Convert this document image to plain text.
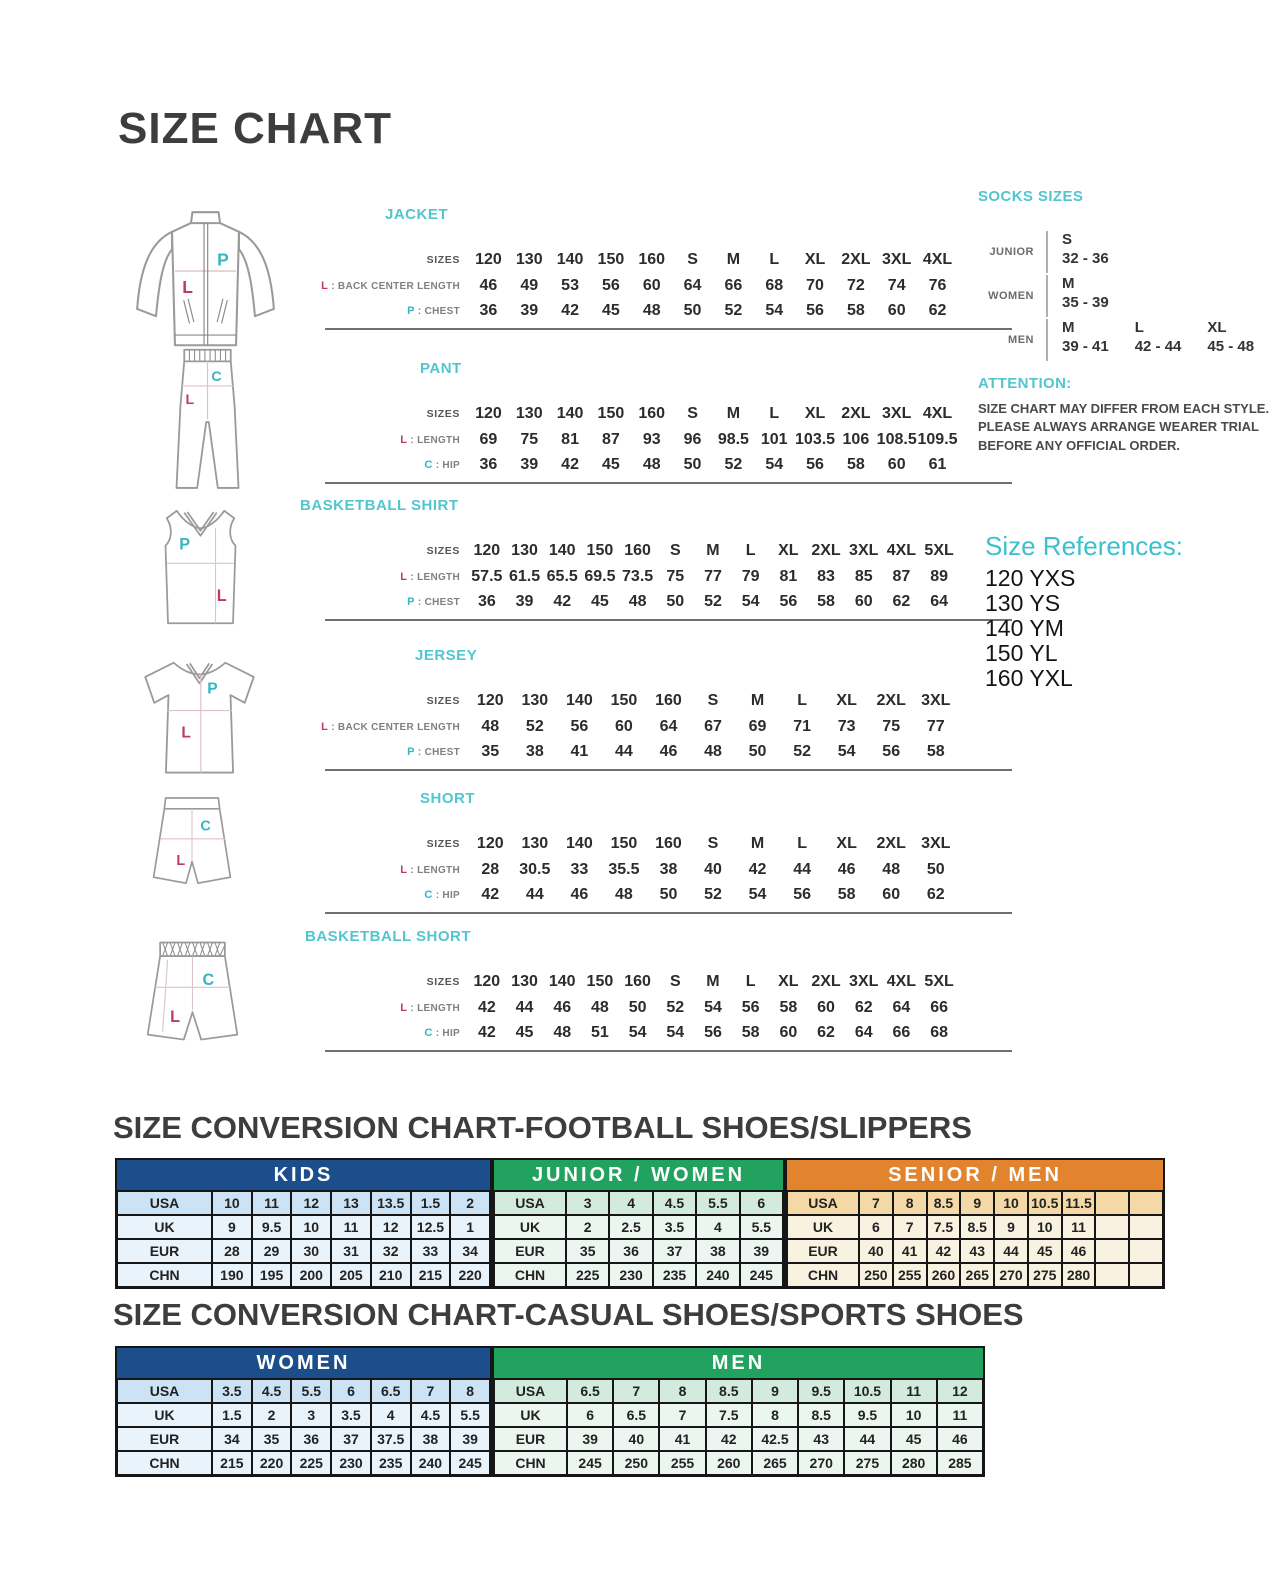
SIZE CHART
P
L
C
L
P
L
P
L
C
L
C
L
JACKET
SIZES 120 130 140 150 160	S	M	L	XL 2XL 3XL 4XL
L : BACK CENTER LENGTH	46	49	53	56	60	64	66	68	70	72	74	76
P : CHEST	36	39	42	45	48	50	52	54	56	58	60	62
PANT
SIZES 120 130 140 150 160	S	M	L	XL 2XL 3XL 4XL
L : LENGTH	69	75	81	87	93	96	98.5 101 103.5 106 108.5 109.5
C : HIP	36	39	42	45	48	50	52	54	56	58	60	61
BASKETBALL SHIRT
SIZES 120 130 140 150 160	S	M	L	XL 2XL 3XL 4XL 5XL
L : LENGTH 57.5 61.5 65.5 69.5 73.5 75	77	79	81	83	85	87	89
P : CHEST	36	39	42	45	48	50	52	54	56	58	60	62	64
JERSEY
SIZES	120	130	140	150	160	S	M	L	XL	2XL 3XL
L : BACK CENTER LENGTH	48	52	56	60	64	67	69	71	73	75	77
P : CHEST	35	38	41	44	46	48	50	52	54	56	58
SHORT
SIZES	120	130	140	150	160	S	M	L	XL	2XL 3XL
L : LENGTH	28	30.5	33	35.5	38	40	42	44	46	48	50
C : HIP	42	44	46	48	50	52	54	56	58	60	62
BASKETBALL SHORT
SIZES 120 130 140 150 160	S	M	L	XL 2XL 3XL 4XL 5XL
L : LENGTH	42	44	46	48	50	52	54	56	58	60	62	64	66
C : HIP	42	45	48	51	54	54	56	58	60	62	64	66	68
SOCKS SIZES
JUNIOR
S
32 - 36
WOMEN
M
35 - 39
MEN
M
39 - 41
L
42 - 44
XL
45 - 48
ATTENTION:

SIZE CHART MAY DIFFER FROM EACH STYLE. PLEASE ALWAYS ARRANGE WEARER TRIAL BEFORE ANY OFFICIAL ORDER.

Size References:
120 YXS
130 YS
140 YM
150 YL
160 YXL
SIZE CONVERSION CHART-FOOTBALL SHOES/SLIPPERS
KIDS
USA	10	11	12	13	13.5	1.5	2
UK	9	9.5	10	11	12	12.5	1
EUR	28	29	30	31	32	33	34
CHN	190	195	200	205	210	215	220
JUNIOR / WOMEN
USA	3	4	4.5	5.5	6
UK	2	2.5	3.5	4	5.5
EUR	35	36	37	38	39
CHN	225	230	235	240	245
SENIOR / MEN
USA	7	8	8.5	9	10 10.5 11.5
UK	6	7	7.5	8.5	9	10	11
EUR	40	41	42	43	44	45	46
CHN	250 255 260 265 270 275 280
SIZE CONVERSION CHART-CASUAL SHOES/SPORTS SHOES
WOMEN
USA	3.5	4.5	5.5	6	6.5	7	8
UK	1.5	2	3	3.5	4	4.5	5.5
EUR	34	35	36	37	37.5	38	39
CHN	215	220	225	230	235	240	245
MEN
USA	6.5	7	8	8.5	9	9.5	10.5	11	12
UK	6	6.5	7	7.5	8	8.5	9.5	10	11
EUR	39	40	41	42	42.5	43	44	45	46
CHN	245	250	255	260	265	270	275	280	285
